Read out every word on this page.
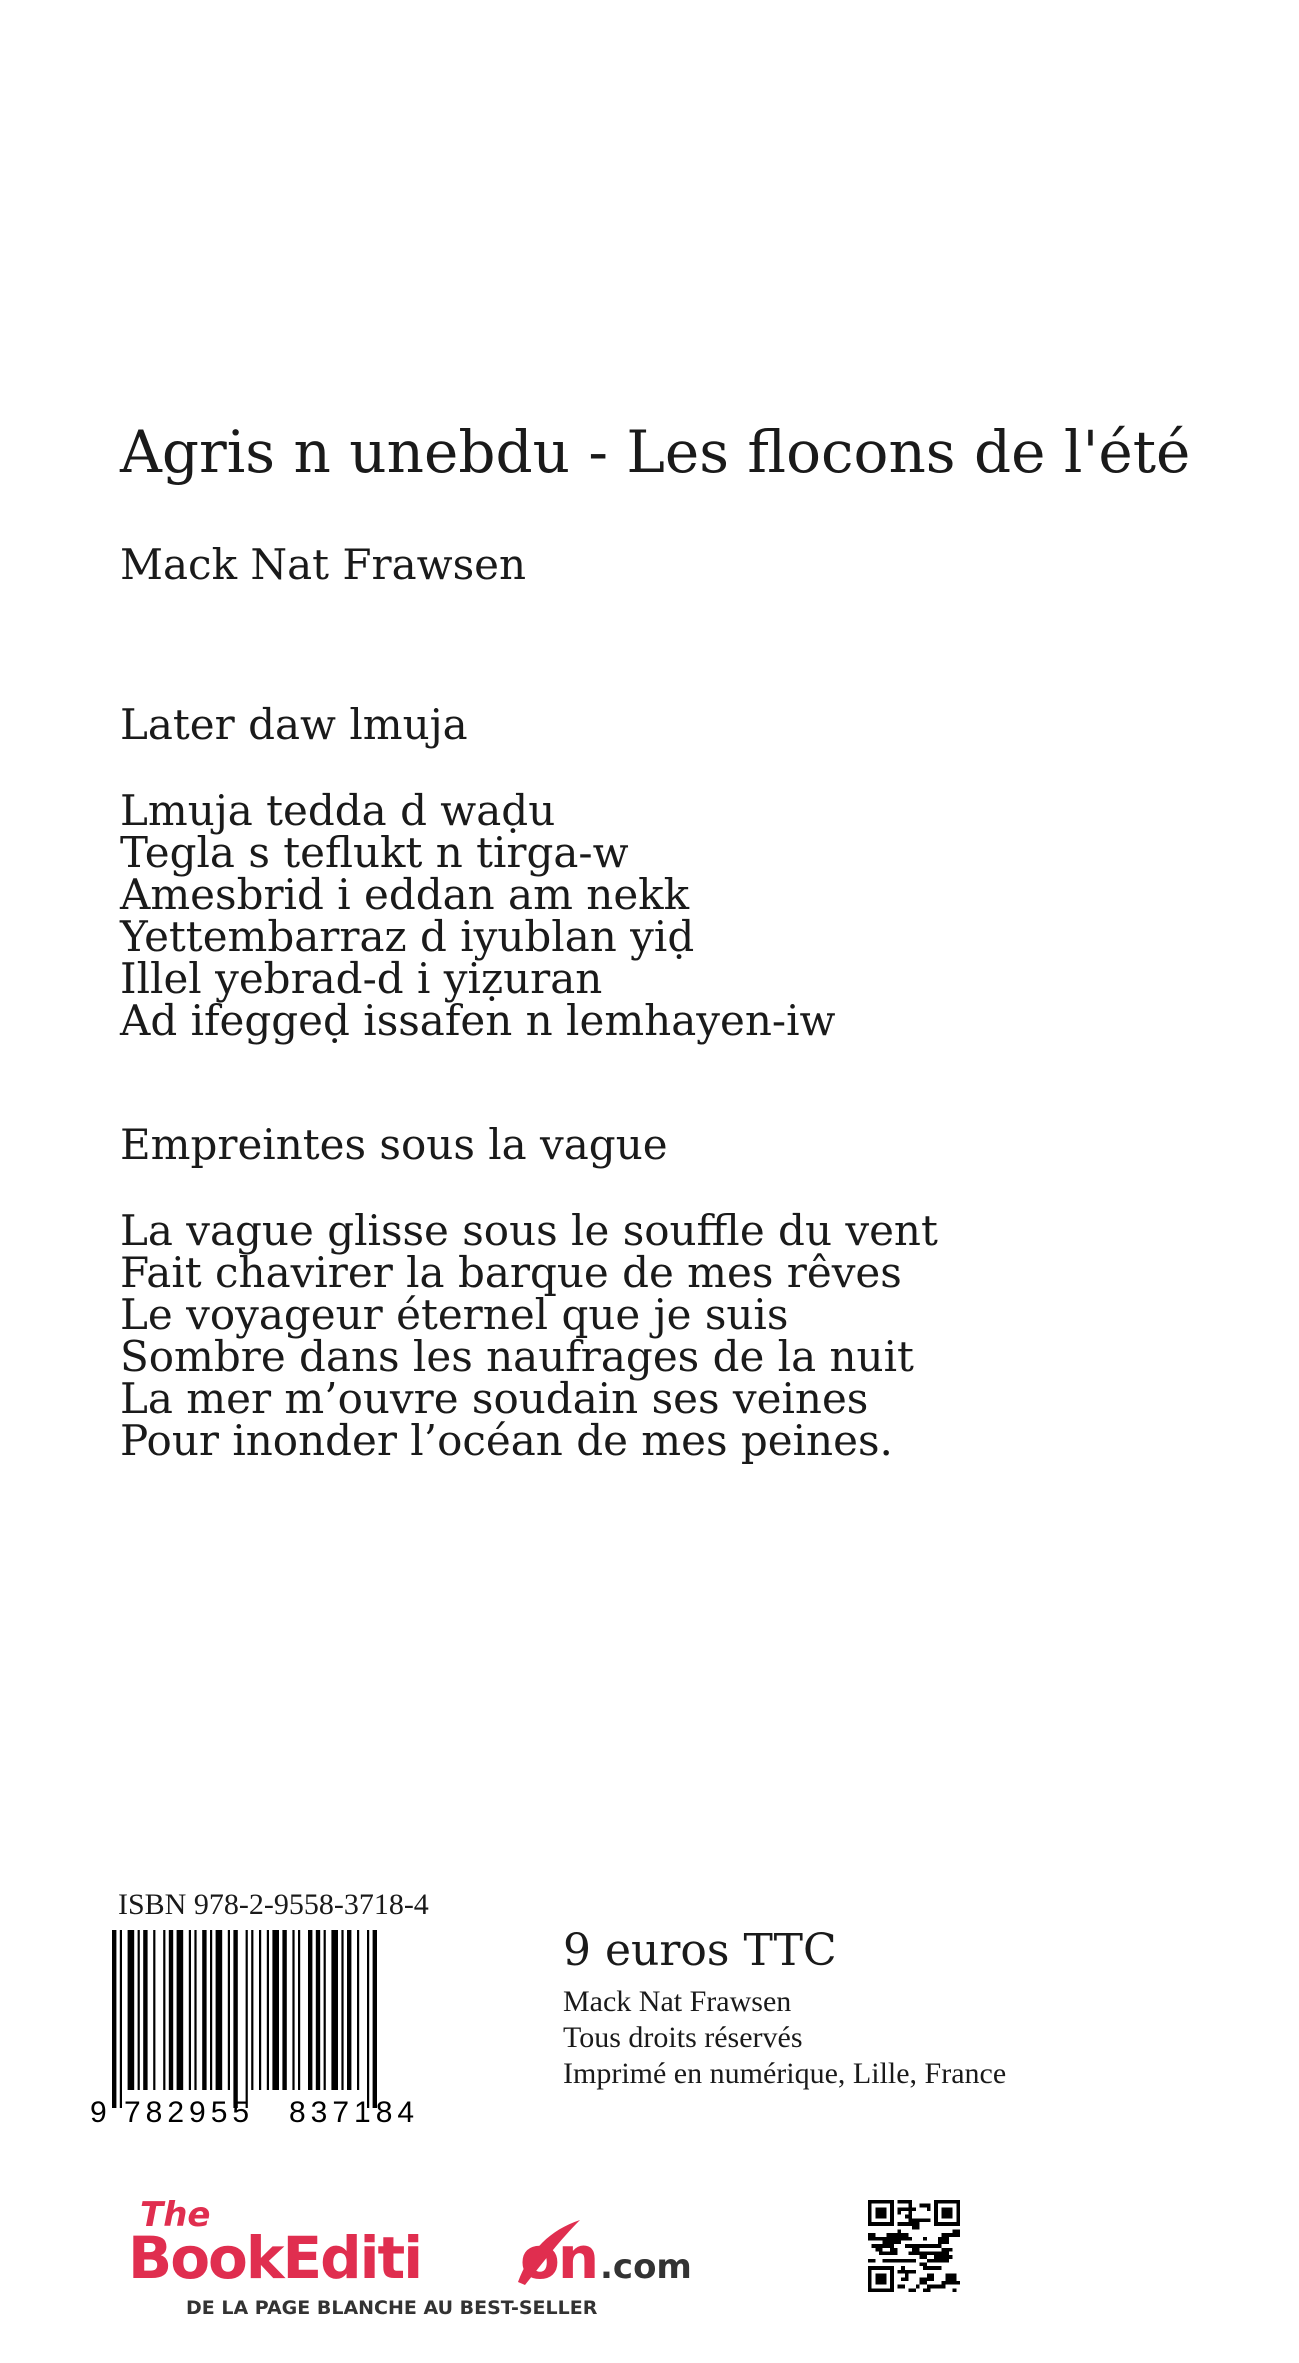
Agris n unebdu - Les flocons de l'été
Mack Nat Frawsen
Later daw lmuja
Lmuja tedda d waḍu
Tegla s teflukt n tirga-w
Amesbrid i eddan am nekk
Yettembarraz d iyublan yiḍ
Illel yebrad-d i yiẓuran
Ad ifeggeḍ issafen n lemhayen-iw
Empreintes sous la vague
La vague glisse sous le souffle du vent
Fait chavirer la barque de mes rêves
Le voyageur éternel que je suis
Sombre dans les naufrages de la nuit
La mer m’ouvre soudain ses veines
Pour inonder l’océan de mes peines.
ISBN 978-2-9558-3718-4
9 782955 837184
9 euros TTC
Mack Nat Frawsen
Tous droits réservés
Imprimé en numérique, Lille, France
The
BookEditi on .com
DE LA PAGE BLANCHE AU BEST-SELLER
